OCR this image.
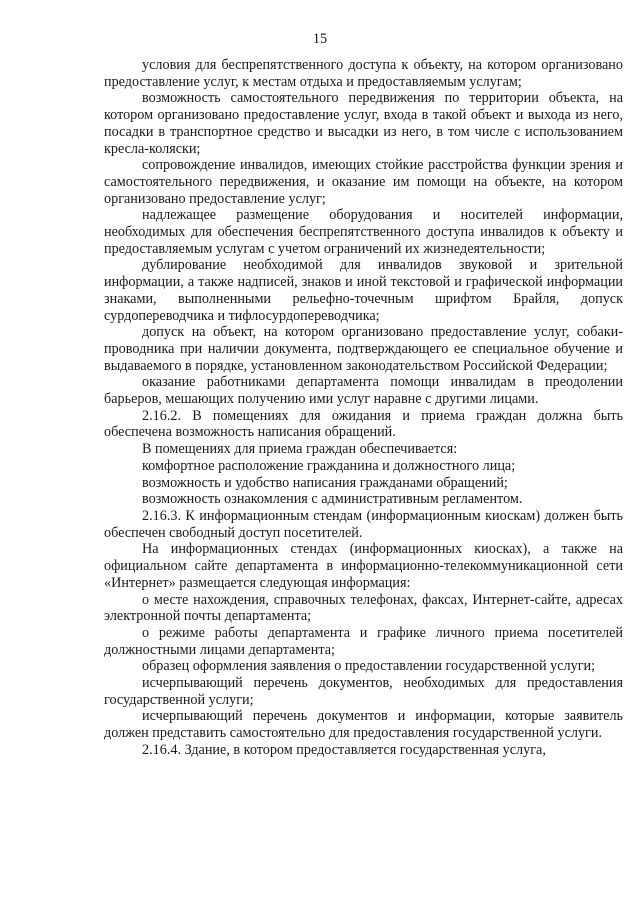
15

условия для беспрепятственного доступа к объекту, на котором организовано предоставление услуг, к местам отдыха и предоставляемым услугам;

возможность самостоятельного передвижения по территории объекта, на котором организовано предоставление услуг, входа в такой объект и выхода из него, посадки в транспортное средство и высадки из него, в том числе с использованием кресла-коляски;

сопровождение инвалидов, имеющих стойкие расстройства функции зрения и самостоятельного передвижения, и оказание им помощи на объекте, на котором организовано предоставление услуг;

надлежащее размещение оборудования и носителей информации, необходимых для обеспечения беспрепятственного доступа инвалидов к объекту и предоставляемым услугам с учетом ограничений их жизнедеятельности;

дублирование необходимой для инвалидов звуковой и зрительной информации, а также надписей, знаков и иной текстовой и графической информации знаками, выполненными рельефно-точечным шрифтом Брайля, допуск сурдопереводчика и тифлосурдопереводчика;

допуск на объект, на котором организовано предоставление услуг, собаки-проводника при наличии документа, подтверждающего ее специальное обучение и выдаваемого в порядке, установленном законодательством Российской Федерации;

оказание работниками департамента помощи инвалидам в преодолении барьеров, мешающих получению ими услуг наравне с другими лицами.

2.16.2. В помещениях для ожидания и приема граждан должна быть обеспечена возможность написания обращений.

В помещениях для приема граждан обеспечивается:

комфортное расположение гражданина и должностного лица;

возможность и удобство написания гражданами обращений;

возможность ознакомления с административным регламентом.

2.16.3. К информационным стендам (информационным киоскам) должен быть обеспечен свободный доступ посетителей.

На информационных стендах (информационных киосках), а также на официальном сайте департамента в информационно-телекоммуникационной сети «Интернет» размещается следующая информация:

о месте нахождения, справочных телефонах, факсах, Интернет-сайте, адресах электронной почты департамента;

о режиме работы департамента и графике личного приема посетителей должностными лицами департамента;

образец оформления заявления о предоставлении государственной услуги;

исчерпывающий перечень документов, необходимых для предоставления государственной услуги;

исчерпывающий перечень документов и информации, которые заявитель должен представить самостоятельно для предоставления государственной услуги.

2.16.4. Здание, в котором предоставляется государственная услуга,
